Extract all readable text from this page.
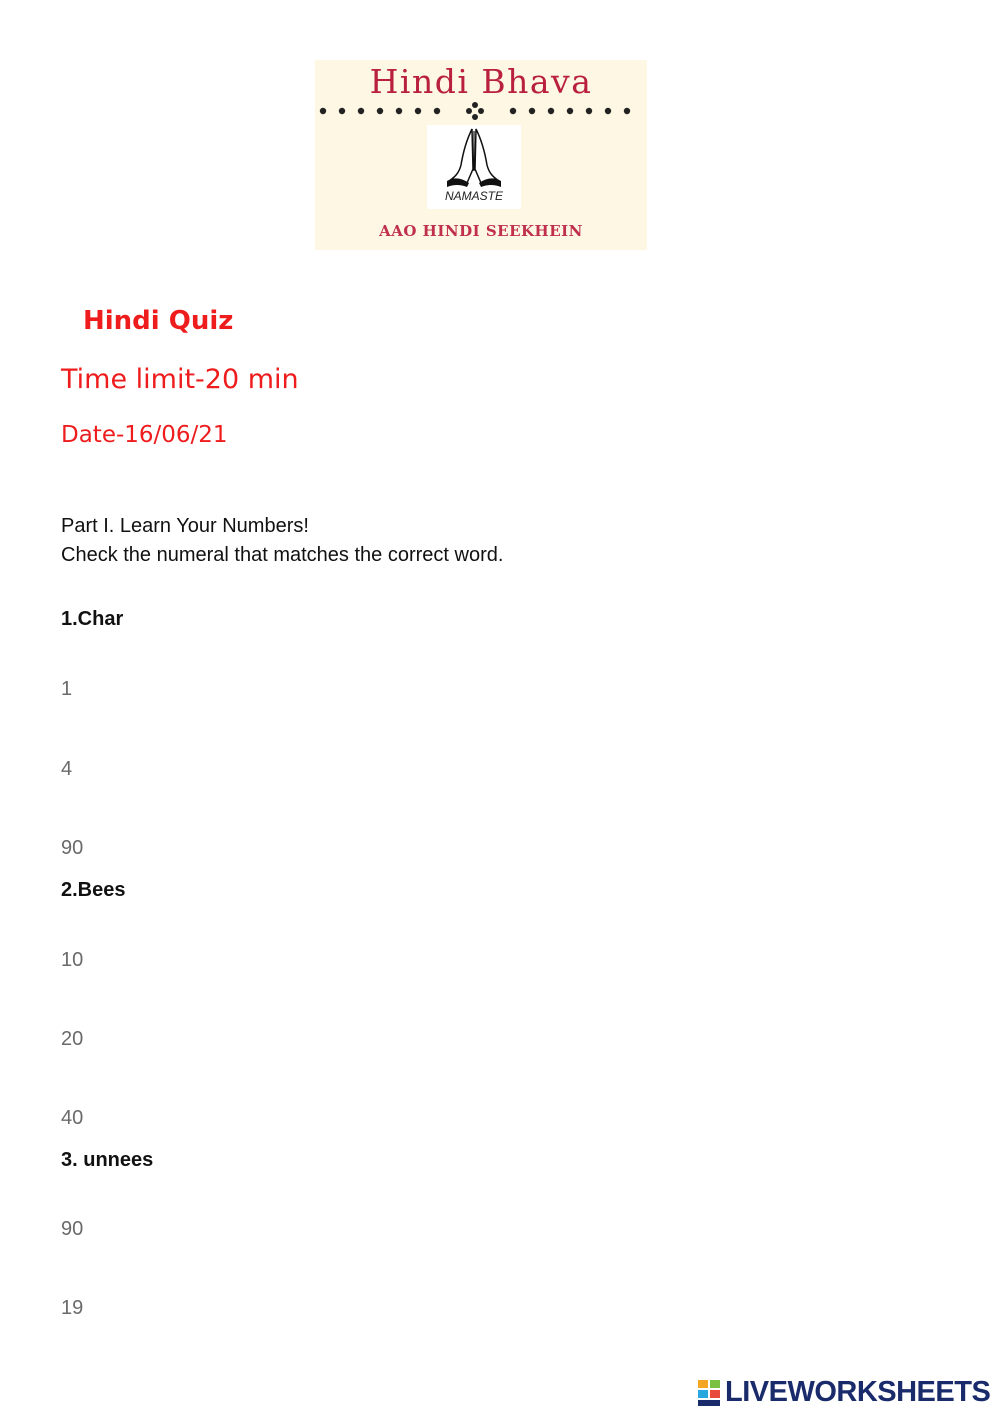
Hindi Bhava
NAMASTE
AAO HINDI SEEKHEIN
Hindi Quiz
Time limit-20 min
Date-16/06/21
Part I. Learn Your Numbers!
Check the numeral that matches the correct word.
1.Char
1
4
90
2.Bees
10
20
40
3. unnees
90
19
LIVEWORKSHEETS
